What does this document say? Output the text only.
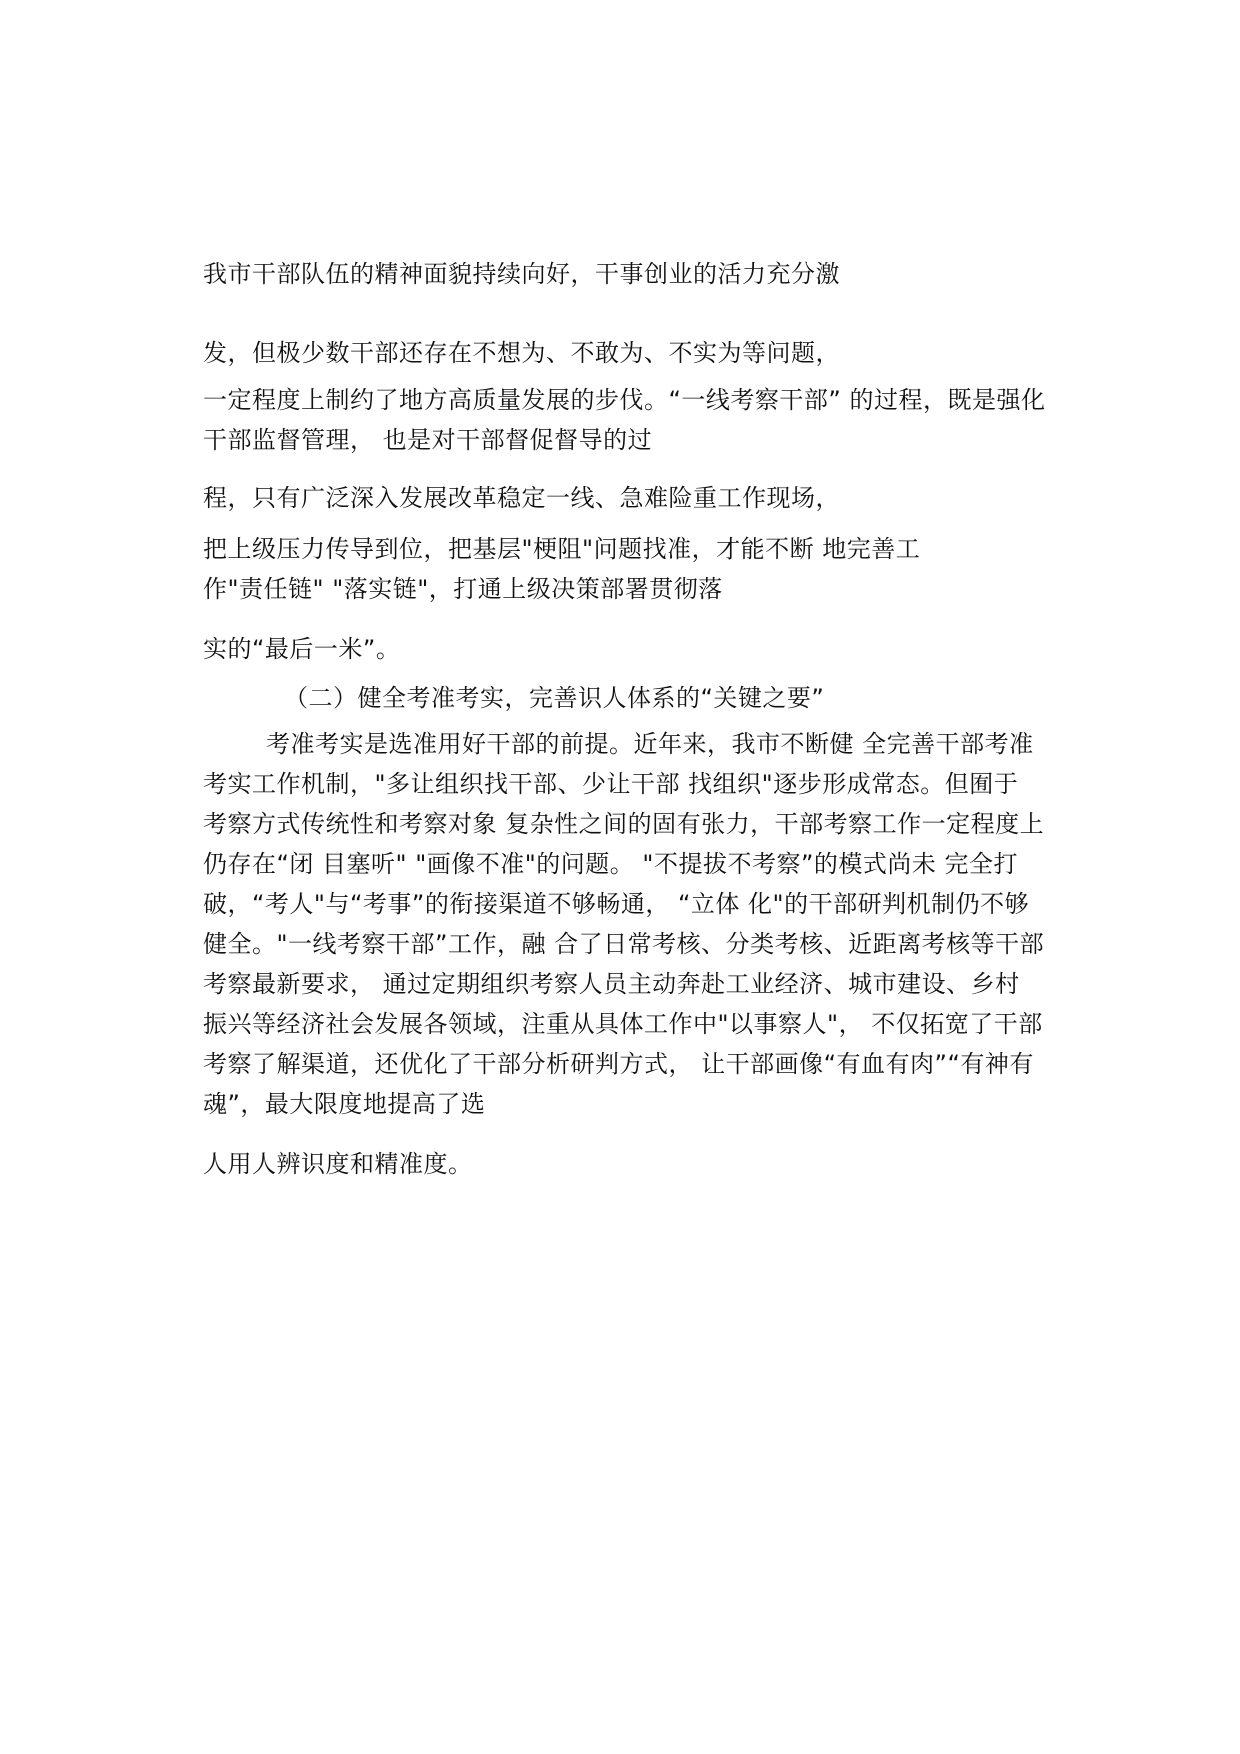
我市干部队伍的精神面貌持续向好，干事创业的活力充分激
发，但极少数干部还存在不想为、不敢为、不实为等问题，
一定程度上制约了地方高质量发展的步伐。“一线考察干部” 的过程，既是强化
干部监督管理， 也是对干部督促督导的过
程，只有广泛深入发展改革稳定一线、急难险重工作现场，
把上级压力传导到位，把基层"梗阻"问题找准，才能不断 地完善工
作"责任链" "落实链"，打通上级决策部署贯彻落
实的“最后一米”。
（二）健全考准考实，完善识人体系的“关键之要”
考准考实是选准用好干部的前提。近年来，我市不断健 全完善干部考准
考实工作机制，"多让组织找干部、少让干部 找组织"逐步形成常态。但囿于
考察方式传统性和考察对象 复杂性之间的固有张力，干部考察工作一定程度上
仍存在“闭 目塞听" "画像不准"的问题。 "不提拔不考察”的模式尚未 完全打
破，“考人"与“考事”的衔接渠道不够畅通， “立体 化"的干部研判机制仍不够
健全。"一线考察干部”工作，融 合了日常考核、分类考核、近距离考核等干部
考察最新要求， 通过定期组织考察人员主动奔赴工业经济、城市建设、乡村
振兴等经济社会发展各领域，注重从具体工作中"以事察人"， 不仅拓宽了干部
考察了解渠道，还优化了干部分析研判方式， 让干部画像“有血有肉”“有神有
魂”，最大限度地提高了选
人用人辨识度和精准度。
